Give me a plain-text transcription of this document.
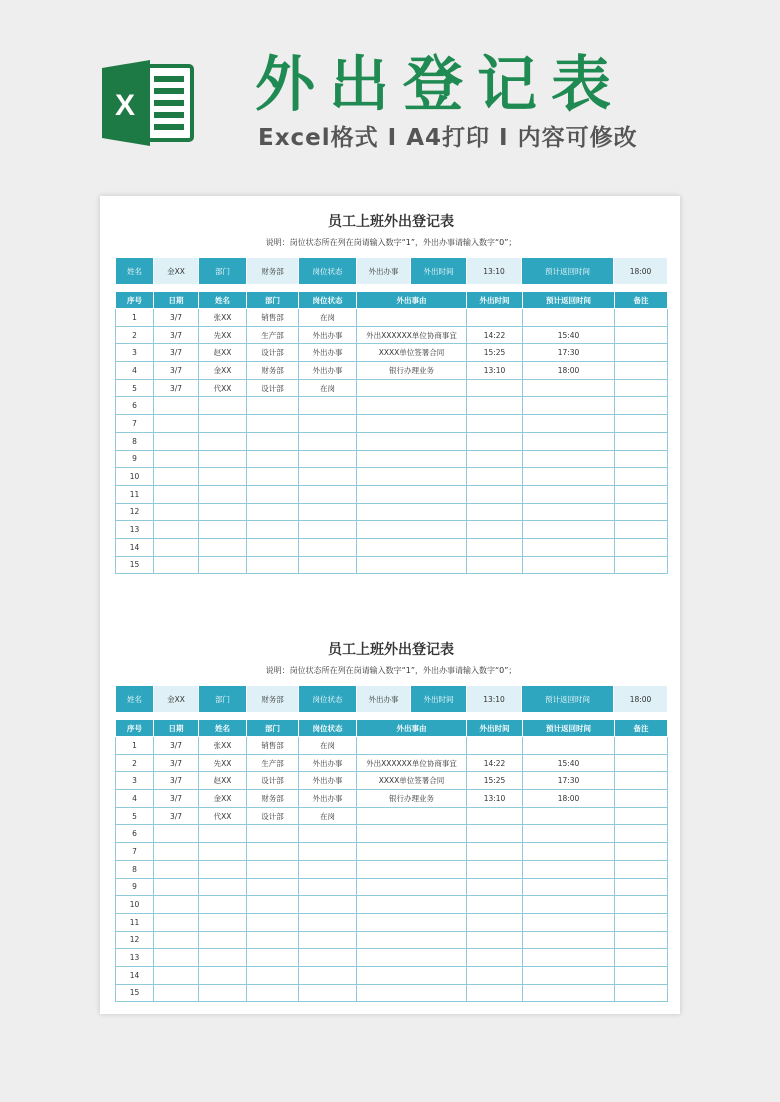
X 外出登记表

Excel格式 I A4打印 I 内容可修改

员工上班外出登记表
说明：岗位状态所在列在岗请输入数字“1”，外出办事请输入数字“0”；
姓名	金XX	部门	财务部	岗位状态	外出办事	外出时间	13:10	预计返回时间	18:00

序号	日期	姓名	部门	岗位状态	外出事由	外出时间	预计返回时间	备注
1	3/7	张XX	销售部	在岗				
2	3/7	先XX	生产部	外出办事	外出XXXXXX单位协商事宜	14:22	15:40	
3	3/7	赵XX	设计部	外出办事	XXXX单位签署合同	15:25	17:30	
4	3/7	金XX	财务部	外出办事	银行办理业务	13:10	18:00	
5	3/7	代XX	设计部	在岗				
6								
7								
8								
9								
10								
11								
12								
13								
14								
15								
员工上班外出登记表
说明：岗位状态所在列在岗请输入数字“1”，外出办事请输入数字“0”；
姓名	金XX	部门	财务部	岗位状态	外出办事	外出时间	13:10	预计返回时间	18:00

序号	日期	姓名	部门	岗位状态	外出事由	外出时间	预计返回时间	备注
1	3/7	张XX	销售部	在岗				
2	3/7	先XX	生产部	外出办事	外出XXXXXX单位协商事宜	14:22	15:40	
3	3/7	赵XX	设计部	外出办事	XXXX单位签署合同	15:25	17:30	
4	3/7	金XX	财务部	外出办事	银行办理业务	13:10	18:00	
5	3/7	代XX	设计部	在岗				
6								
7								
8								
9								
10								
11								
12								
13								
14								
15								
